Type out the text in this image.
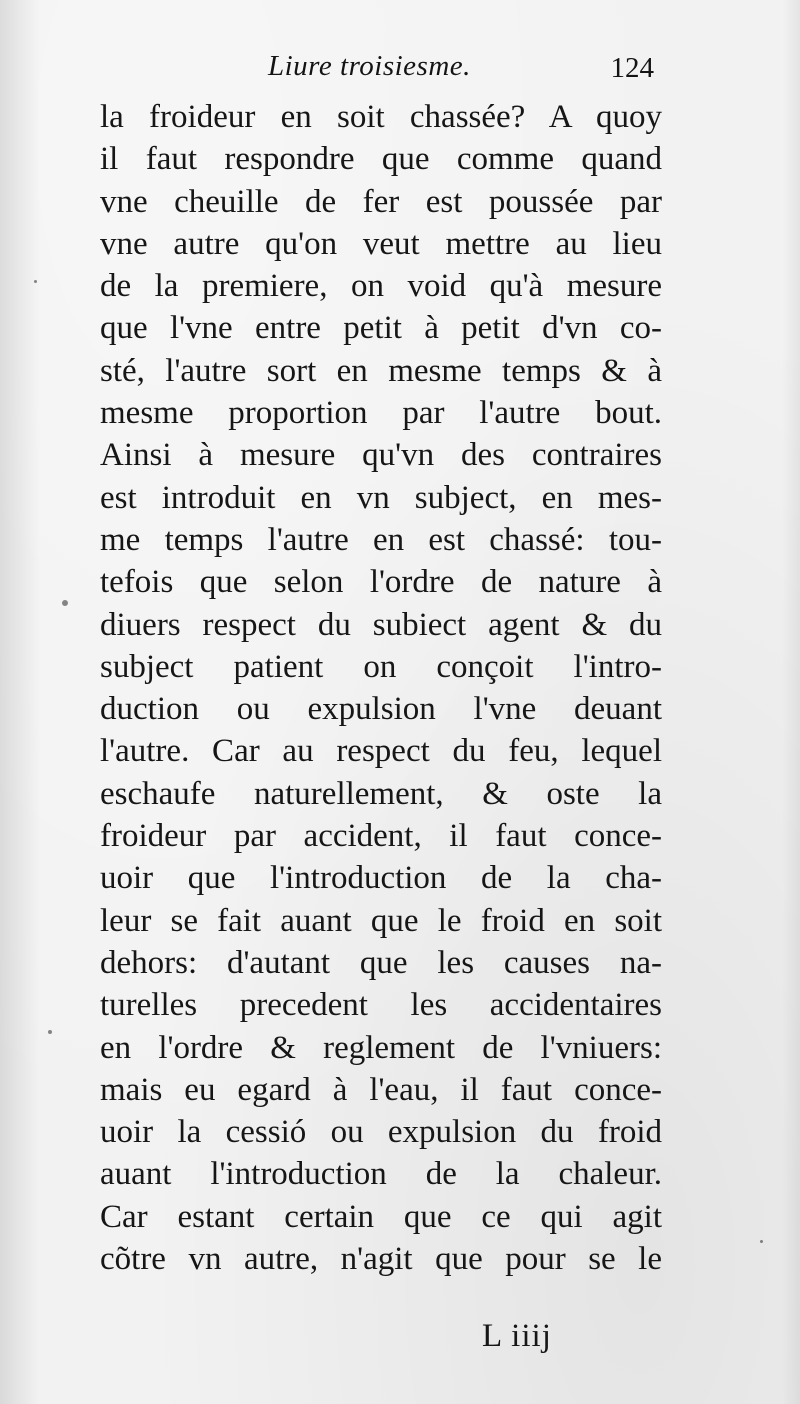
Liure troisiesme.	124
la froideur en soit chassée? A quoy
il faut respondre que comme quand
vne cheuille de fer est poussée par
vne autre qu'on veut mettre au lieu
de la premiere, on void qu'à mesure
que l'vne entre petit à petit d'vn co-
sté, l'autre sort en mesme temps & à
mesme proportion par l'autre bout.
Ainsi à mesure qu'vn des contraires
est introduit en vn subject, en mes-
me temps l'autre en est chassé: tou-
tefois que selon l'ordre de nature à
diuers respect du subiect agent & du
subject patient on conçoit l'intro-
duction ou expulsion l'vne deuant
l'autre. Car au respect du feu, lequel
eschaufe naturellement, & oste la
froideur par accident, il faut conce-
uoir que l'introduction de la cha-
leur se fait auant que le froid en soit
dehors: d'autant que les causes na-
turelles precedent les accidentaires
en l'ordre & reglement de l'vniuers:
mais eu egard à l'eau, il faut conce-
uoir la cessió ou expulsion du froid
auant l'introduction de la chaleur.
Car estant certain que ce qui agit
cõtre vn autre, n'agit que pour se le
L iiij
